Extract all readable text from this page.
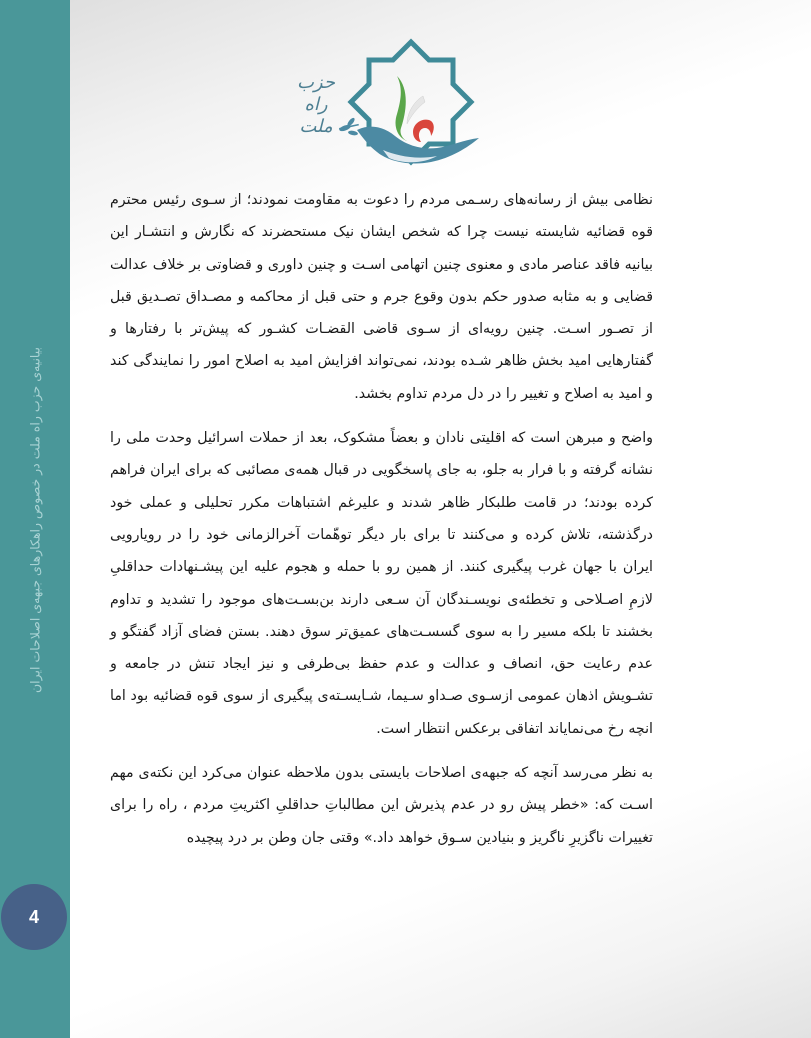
بیانیه‌ی حزب راه ملت در خصوص راهکارهای جبهه‌ی اصلاحات ایران
4
حزب راه ملت

نظامی بیش از رسانه‌های رسـمی مردم را دعوت به مقاومت نمودند؛ از سـوی رئیس محترم قوه قضائیه شایسته نیست چرا که شخص ایشان نیک مستحضرند که نگارش و انتشـار این بیانیه فاقد عناصر مادی و معنوی چنین اتهامی اسـت و چنین داوری و قضاوتی بر خلاف عدالت قضایی و به مثابه صدور حکم بدون وقوع جرم و حتی قبل از محاکمه و مصـداق تصـدیق قبل از تصـور اسـت. چنین رویه‌ای از سـوی قاضی القضـات کشـور که پیش‌تر با رفتارها و گفتارهایی امید بخش ظاهر شـده بودند، نمی‌تواند افزایش امید به اصلاح امور را نمایندگی کند و امید به اصلاح و تغییر را در دل مردم تداوم بخشد.

واضح و مبرهن است که اقلیتی نادان و بعضاً مشکوک، بعد از حملات اسرائیل وحدت ملی را نشانه گرفته و با فرار به جلو، به جای پاسخگویی در قبال همه‌ی مصائبی که برای ایران فراهم کرده بودند؛ در قامت طلبکار ظاهر شدند و علیرغم اشتباهات مکرر تحلیلی و عملی خود درگذشته، تلاش کرده و می‌کنند تا برای بار دیگر توهّمات آخرالزمانی خود را در رویارویی ایران با جهان غرب پیگیری کنند. از همین رو با حمله و هجوم علیه این پیشـنهادات حداقلیِ لازمِ اصـلاحی و تخطئه‌ی نویسـندگان آن سـعی دارند بن‌بسـت‌های موجود را تشدید و تداوم بخشند تا بلکه مسیر را به سوی گسسـت‌های عمیق‌تر سوق دهند. بستن فضای آزاد گفتگو و عدم رعایت حق، انصاف و عدالت و عدم حفظ بی‌طرفی و نیز ایجاد تنش در جامعه و تشـویش اذهان عمومی ازسـوی صـداو سـیما، شـایسـته‌ی پیگیری از سوی قوه قضائیه بود اما انچه رخ می‌نمایاند اتفاقی برعکس انتظار است.

به نظر می‌رسد آنچه که جبهه‌ی اصلاحات بایستی بدون ملاحظه عنوان می‌کرد این نکته‌ی مهم اسـت که: «خطر پیش رو در عدم پذیرش این مطالباتِ حداقلیِ اکثریتِ مردم ، راه را برای تغییرات ناگزیرِ ناگریز و بنیادین سـوق خواهد داد.» وقتی جان وطن بر درد پیچیده
